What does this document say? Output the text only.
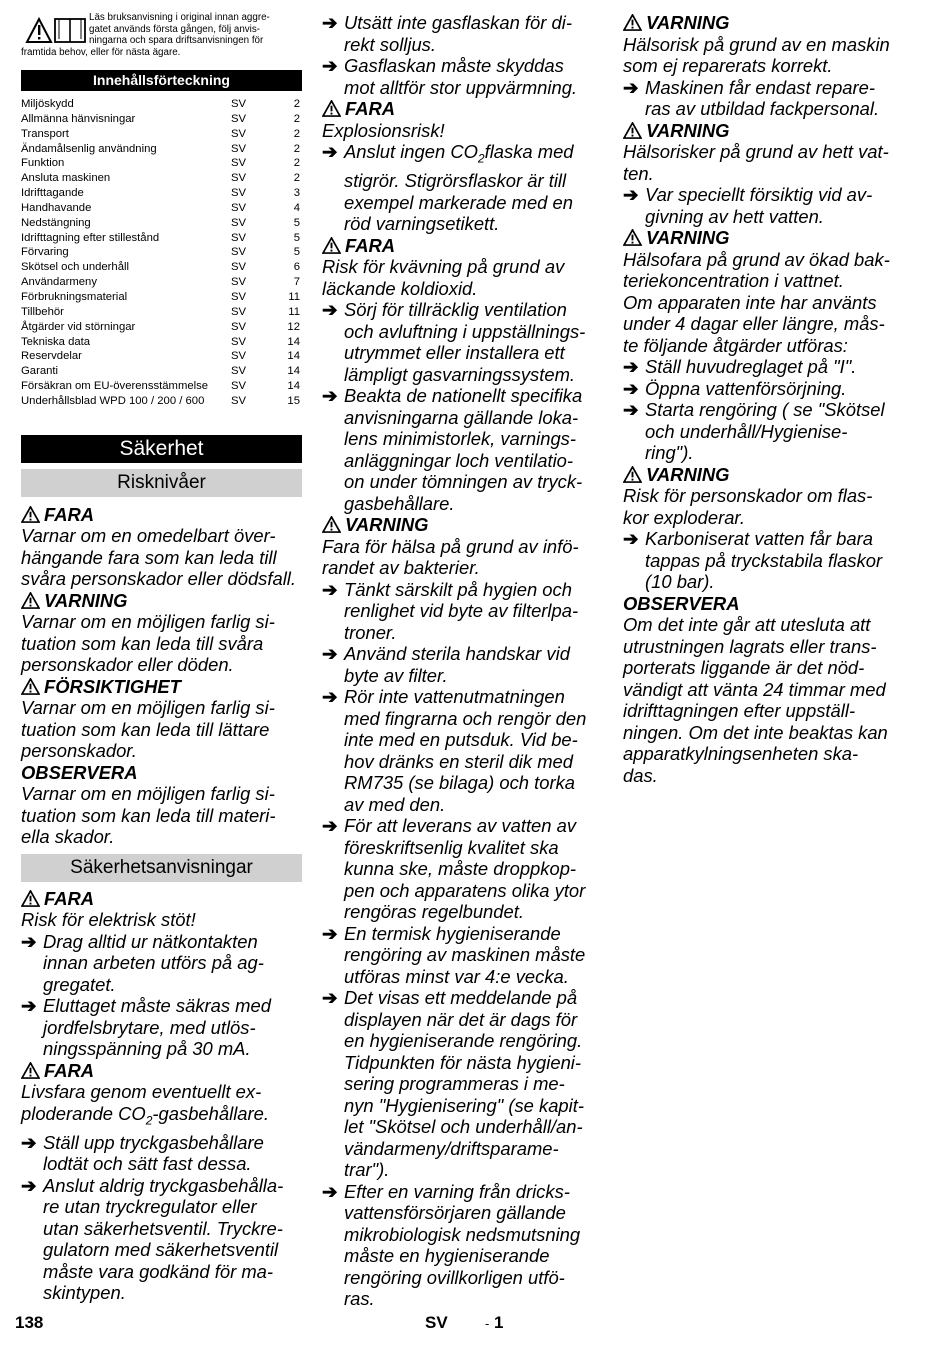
Läs bruksanvisning i original innan aggre-
gatet används första gången, följ anvis-
ningarna och spara driftsanvisningen för
framtida behov, eller för nästa ägare.

Innehållsförteckning
Miljöskydd	SV	2
Allmänna hänvisningar	SV	2
Transport	SV	2
Ändamålsenlig användning	SV	2
Funktion	SV	2
Ansluta maskinen	SV	2
Idrifttagande	SV	3
Handhavande	SV	4
Nedstängning	SV	5
Idrifttagning efter stillestånd	SV	5
Förvaring	SV	5
Skötsel och underhåll	SV	6
Användarmeny	SV	7
Förbrukningsmaterial	SV	11
Tillbehör	SV	11
Åtgärder vid störningar	SV	12
Tekniska data	SV	14
Reservdelar	SV	14
Garanti	SV	14
Försäkran om EU-överensstämmelse SV	14
Underhållsblad WPD 100 / 200 / 600 SV	15
Säkerhet
Risknivåer
FARA
Varnar om en omedelbart över-
hängande fara som kan leda till
svåra personskador eller dödsfall.
VARNING
Varnar om en möjligen farlig si-
tuation som kan leda till svåra
personskador eller döden.
FÖRSIKTIGHET
Varnar om en möjligen farlig si-
tuation som kan leda till lättare
personskador.
OBSERVERA
Varnar om en möjligen farlig si-
tuation som kan leda till materi-
ella skador.
Säkerhetsanvisningar
FARA
Risk för elektrisk stöt!
➔ Drag alltid ur nätkontakten
innan arbeten utförs på ag-
gregatet.
➔ Eluttaget måste säkras med
jordfelsbrytare, med utlös-
ningsspänning på 30 mA.
FARA
Livsfara genom eventuellt ex-
ploderande $CO_2$-gasbehållare.
➔ Ställ upp tryckgasbehållare
lodtät och sätt fast dessa.
➔ Anslut aldrig tryckgasbehålla-
re utan tryckregulator eller
utan säkerhetsventil. Tryckre-
gulatorn med säkerhetsventil
måste vara godkänd för ma-
skintypen.
➔ Utsätt inte gasflaskan för di-
rekt solljus.
➔ Gasflaskan måste skyddas
mot alltför stor uppvärmning.
FARA
Explosionsrisk!
➔ Anslut ingen $CO_2flaska$ med
stigrör. Stigrörsflaskor är till
exempel markerade med en
röd varningsetikett.
FARA
Risk för kvävning på grund av
läckande koldioxid.
➔ Sörj för tillräcklig ventilation
och avluftning i uppställnings-
utrymmet eller installera ett
lämpligt gasvarningssystem.
➔ Beakta de nationellt specifika
anvisningarna gällande loka-
lens minimistorlek, varnings-
anläggningar loch ventilatio-
on under tömningen av tryck-
gasbehållare.
VARNING
Fara för hälsa på grund av infö-
randet av bakterier.
➔ Tänkt särskilt på hygien och
renlighet vid byte av filterlpa-
troner.
➔ Använd sterila handskar vid
byte av filter.
➔ Rör inte vattenutmatningen
med fingrarna och rengör den
inte med en putsduk. Vid be-
hov dränks en steril dik med
RM735 (se bilaga) och torka
av med den.
➔ För att leverans av vatten av
föreskriftsenlig kvalitet ska
kunna ske, måste droppkop-
pen och apparatens olika ytor
rengöras regelbundet.
➔ En termisk hygieniserande
rengöring av maskinen måste
utföras minst var 4:e vecka.
➔ Det visas ett meddelande på
displayen när det är dags för
en hygieniserande rengöring.
Tidpunkten för nästa hygieni-
sering programmeras i me-
nyn "Hygienisering" (se kapit-
let "Skötsel och underhåll/an-
vändarmeny/driftsparame-
trar").
➔ Efter en varning från dricks-
vattensförsörjaren gällande
mikrobiologisk nedsmutsning
måste en hygieniserande
rengöring ovillkorligen utfö-
ras.
VARNING
Hälsorisk på grund av en maskin
som ej reparerats korrekt.
➔ Maskinen får endast repare-
ras av utbildad fackpersonal.
VARNING
Hälsorisker på grund av hett vat-
ten.
➔ Var speciellt försiktig vid av-
givning av hett vatten.
VARNING
Hälsofara på grund av ökad bak-
teriekoncentration i vattnet.
Om apparaten inte har använts
under 4 dagar eller längre, mås-
te följande åtgärder utföras:
➔ Ställ huvudreglaget på "I".
➔ Öppna vattenförsörjning.
➔ Starta rengöring ( se "Skötsel
och underhåll/Hygienise-
ring").
VARNING
Risk för personskador om flas-
kor exploderar.
➔ Karboniserat vatten får bara
tappas på tryckstabila flaskor
(10 bar).
OBSERVERA
Om det inte går att utesluta att
utrustningen lagrats eller trans-
porterats liggande är det nöd-
vändigt att vänta 24 timmar med
idrifttagningen efter uppställ-
ningen. Om det inte beaktas kan
apparatkylningsenheten ska-
das.
138	SV	- 1
